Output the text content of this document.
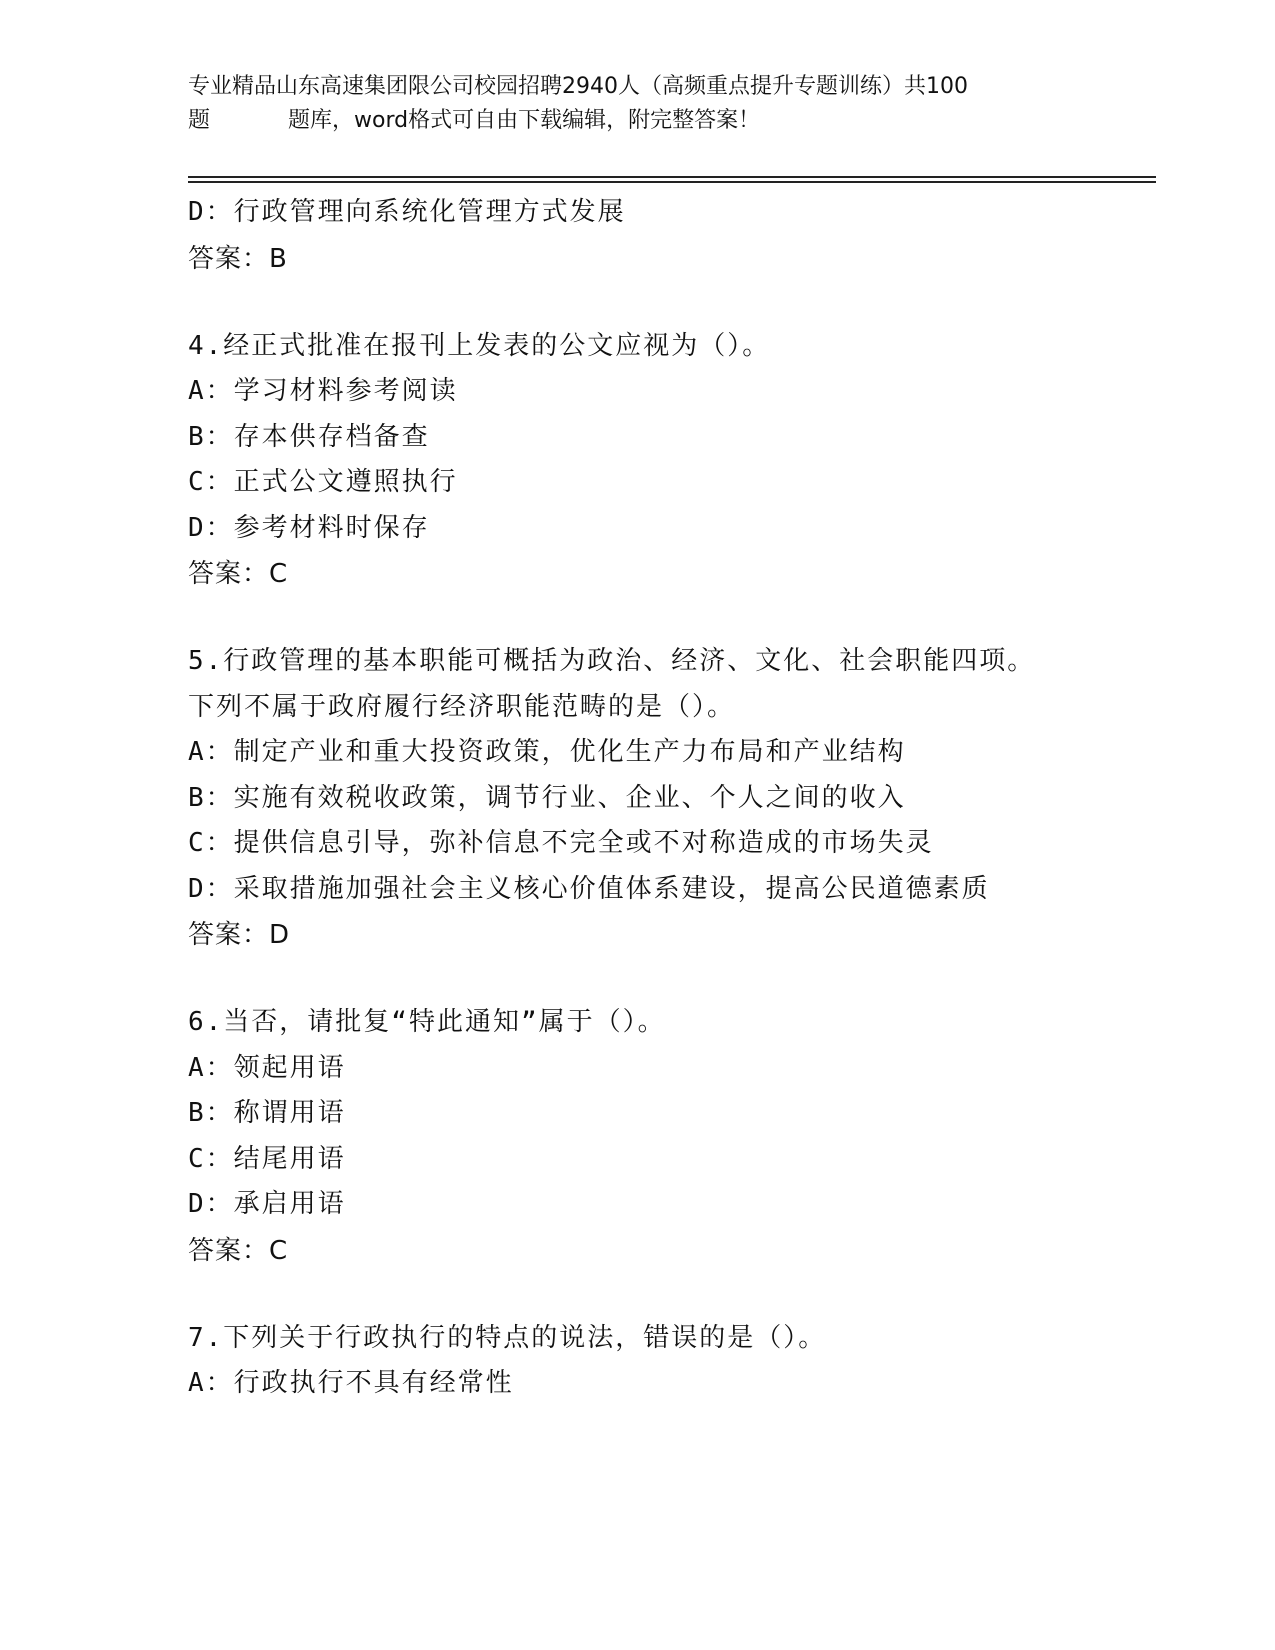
专业精品山东高速集团限公司校园招聘2940人（高频重点提升专题训练）共100
题	题库，word格式可自由下载编辑，附完整答案！
D：行政管理向系统化管理方式发展
答案：B
4.经正式批准在报刊上发表的公文应视为（）。
A：学习材料参考阅读
B：存本供存档备查
C：正式公文遵照执行
D：参考材料时保存
答案：C
5.行政管理的基本职能可概括为政治、经济、文化、社会职能四项。
下列不属于政府履行经济职能范畴的是（）。
A：制定产业和重大投资政策，优化生产力布局和产业结构
B：实施有效税收政策，调节行业、企业、个人之间的收入
C：提供信息引导，弥补信息不完全或不对称造成的市场失灵
D：采取措施加强社会主义核心价值体系建设，提高公民道德素质
答案：D
6.当否，请批复“特此通知”属于（）。
A：领起用语
B：称谓用语
C：结尾用语
D：承启用语
答案：C
7.下列关于行政执行的特点的说法，错误的是（）。
A：行政执行不具有经常性
